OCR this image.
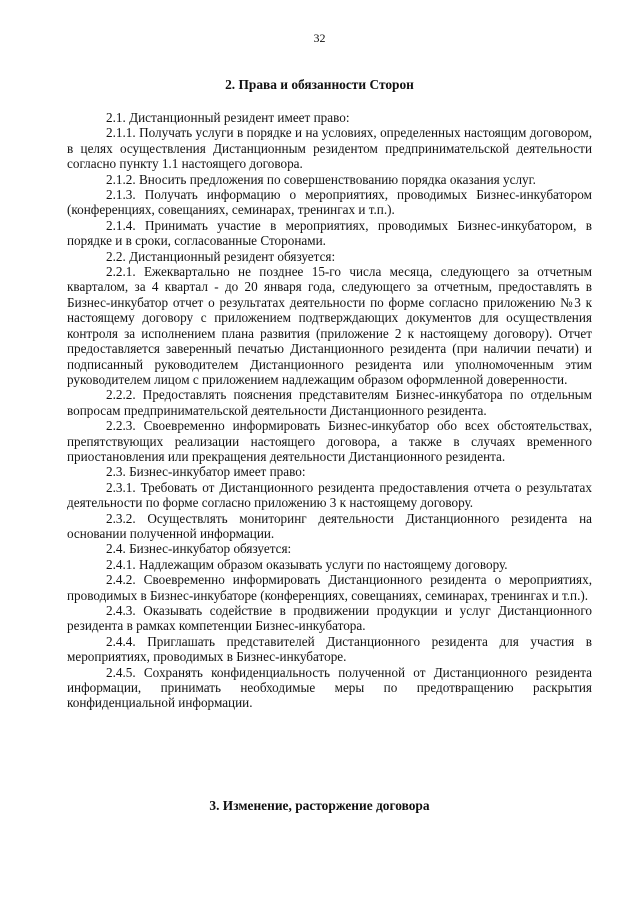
32
2. Права и обязанности Сторон

2.1. Дистанционный резидент имеет право:

2.1.1. Получать услуги в порядке и на условиях, определенных настоящим договором, в целях осуществления Дистанционным резидентом предпринимательской деятельности согласно пункту 1.1 настоящего договора.

2.1.2. Вносить предложения по совершенствованию порядка оказания услуг.

2.1.3. Получать информацию о мероприятиях, проводимых Бизнес-инкубатором (конференциях, совещаниях, семинарах, тренингах и т.п.).

2.1.4. Принимать участие в мероприятиях, проводимых Бизнес-инкубатором, в порядке и в сроки, согласованные Сторонами.

2.2. Дистанционный резидент обязуется:

2.2.1. Ежеквартально не позднее 15-го числа месяца, следующего за отчетным кварталом, за 4 квартал - до 20 января года, следующего за отчетным, предоставлять в Бизнес-инкубатор отчет о результатах деятельности по форме согласно приложению №3 к настоящему договору с приложением подтверждающих документов для осуществления контроля за исполнением плана развития (приложение 2 к настоящему договору). Отчет предоставляется заверенный печатью Дистанционного резидента (при наличии печати) и подписанный руководителем Дистанционного резидента или уполномоченным этим руководителем лицом с приложением надлежащим образом оформленной доверенности.

2.2.2. Предоставлять пояснения представителям Бизнес-инкубатора по отдельным вопросам предпринимательской деятельности Дистанционного резидента.

2.2.3. Своевременно информировать Бизнес-инкубатор обо всех обстоятельствах, препятствующих реализации настоящего договора, а также в случаях временного приостановления или прекращения деятельности Дистанционного резидента.

2.3. Бизнес-инкубатор имеет право:

2.3.1. Требовать от Дистанционного резидента предоставления отчета о результатах деятельности по форме согласно приложению 3 к настоящему договору.

2.3.2. Осуществлять мониторинг деятельности Дистанционного резидента на основании полученной информации.

2.4. Бизнес-инкубатор обязуется:

2.4.1. Надлежащим образом оказывать услуги по настоящему договору.

2.4.2. Своевременно информировать Дистанционного резидента о мероприятиях, проводимых в Бизнес-инкубаторе (конференциях, совещаниях, семинарах, тренингах и т.п.).

2.4.3. Оказывать содействие в продвижении продукции и услуг Дистанционного резидента в рамках компетенции Бизнес-инкубатора.

2.4.4. Приглашать представителей Дистанционного резидента для участия в мероприятиях, проводимых в Бизнес-инкубаторе.

2.4.5. Сохранять конфиденциальность полученной от Дистанционного резидента информации, принимать необходимые меры по предотвращению раскрытия конфиденциальной информации.

3. Изменение, расторжение договора
